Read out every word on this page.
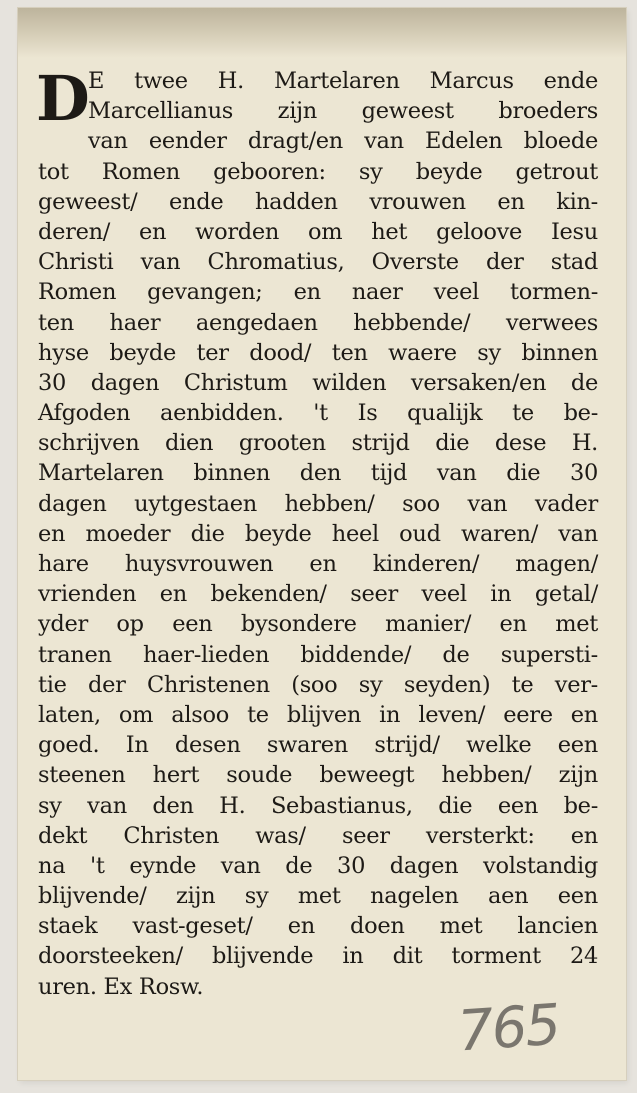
D
E twee H. Martelaren Marcus ende
Marcellianus zijn geweest broeders
van eender dragt/en van Edelen bloede
tot Romen gebooren: sy beyde getrout
geweest/ ende hadden vrouwen en kin-
deren/ en worden om het geloove Iesu
Christi van Chromatius, Overste der stad
Romen gevangen; en naer veel tormen-
ten haer aengedaen hebbende/ verwees
hyse beyde ter dood/ ten waere sy binnen
30 dagen Christum wilden versaken/en de
Afgoden aenbidden. 't Is qualijk te be-
schrijven dien grooten strijd die dese H.
Martelaren binnen den tijd van die 30
dagen uytgestaen hebben/ soo van vader
en moeder die beyde heel oud waren/ van
hare huysvrouwen en kinderen/ magen/
vrienden en bekenden/ seer veel in getal/
yder op een bysondere manier/ en met
tranen haer-lieden biddende/ de supersti-
tie der Christenen (soo sy seyden) te ver-
laten, om alsoo te blijven in leven/ eere en
goed. In desen swaren strijd/ welke een
steenen hert soude beweegt hebben/ zijn
sy van den H. Sebastianus, die een be-
dekt Christen was/ seer versterkt: en
na 't eynde van de 30 dagen volstandig
blijvende/ zijn sy met nagelen aen een
staek vast-geset/ en doen met lancien
doorsteeken/ blijvende in dit torment 24
uren. Ex Rosw.
765
